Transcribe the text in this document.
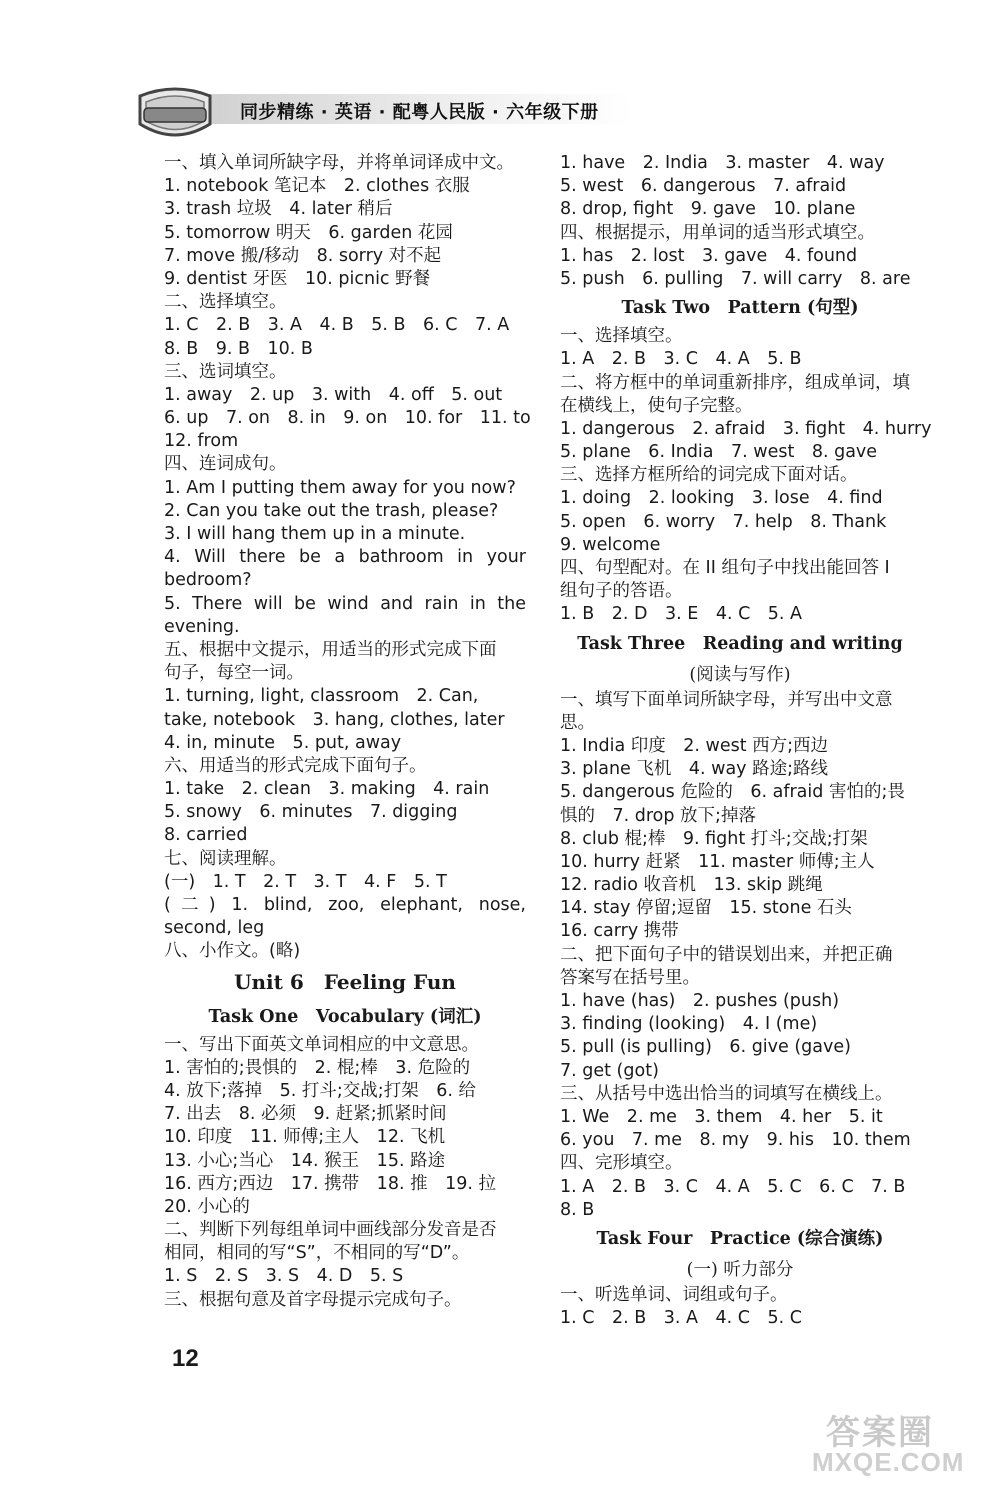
同步精练 · 英语 · 配粤人民版 · 六年级下册
一、填入单词所缺字母，并将单词译成中文。
1. notebook 笔记本　2. clothes 衣服
3. trash 垃圾　4. later 稍后
5. tomorrow 明天　6. garden 花园
7. move 搬/移动　8. sorry 对不起
9. dentist 牙医　10. picnic 野餐
二、选择填空。
1. C　2. B　3. A　4. B　5. B　6. C　7. A
8. B　9. B　10. B
三、选词填空。
1. away　2. up　3. with　4. off　5. out
6. up　7. on　8. in　9. on　10. for　11. to
12. from
四、连词成句。
1. Am I putting them away for you now?
2. Can you take out the trash, please?
3. I will hang them up in a minute.
4. Will there be a bathroom in your
bedroom?
5. There will be wind and rain in the
evening.
五、根据中文提示，用适当的形式完成下面
句子，每空一词。
1. turning, light, classroom　2. Can,
take, notebook　3. hang, clothes, later
4. in, minute　5. put, away
六、用适当的形式完成下面句子。
1. take　2. clean　3. making　4. rain
5. snowy　6. minutes　7. digging
8. carried
七、阅读理解。
(一)　1. T　2. T　3. T　4. F　5. T
(二) 1. blind, zoo, elephant, nose,
second, leg
八、小作文。(略)
Unit 6　Feeling Fun
Task One　Vocabulary (词汇)
一、写出下面英文单词相应的中文意思。
1. 害怕的;畏惧的　2. 棍;棒　3. 危险的
4. 放下;落掉　5. 打斗;交战;打架　6. 给
7. 出去　8. 必须　9. 赶紧;抓紧时间
10. 印度　11. 师傅;主人　12. 飞机
13. 小心;当心　14. 猴王　15. 路途
16. 西方;西边　17. 携带　18. 推　19. 拉
20. 小心的
二、判断下列每组单词中画线部分发音是否
相同，相同的写“S”，不相同的写“D”。
1. S　2. S　3. S　4. D　5. S
三、根据句意及首字母提示完成句子。
1. have　2. India　3. master　4. way
5. west　6. dangerous　7. afraid
8. drop, fight　9. gave　10. plane
四、根据提示，用单词的适当形式填空。
1. has　2. lost　3. gave　4. found
5. push　6. pulling　7. will carry　8. are
Task Two　Pattern (句型)
一、选择填空。
1. A　2. B　3. C　4. A　5. B
二、将方框中的单词重新排序，组成单词，填
在横线上，使句子完整。
1. dangerous　2. afraid　3. fight　4. hurry
5. plane　6. India　7. west　8. gave
三、选择方框所给的词完成下面对话。
1. doing　2. looking　3. lose　4. find
5. open　6. worry　7. help　8. Thank
9. welcome
四、句型配对。在 II 组句子中找出能回答 I
组句子的答语。
1. B　2. D　3. E　4. C　5. A
Task Three　Reading and writing
(阅读与写作)
一、填写下面单词所缺字母，并写出中文意
思。
1. India 印度　2. west 西方;西边
3. plane 飞机　4. way 路途;路线
5. dangerous 危险的　6. afraid 害怕的;畏
惧的　7. drop 放下;掉落
8. club 棍;棒　9. fight 打斗;交战;打架
10. hurry 赶紧　11. master 师傅;主人
12. radio 收音机　13. skip 跳绳
14. stay 停留;逗留　15. stone 石头
16. carry 携带
二、把下面句子中的错误划出来，并把正确
答案写在括号里。
1. have (has)　2. pushes (push)
3. finding (looking)　4. I (me)
5. pull (is pulling)　6. give (gave)
7. get (got)
三、从括号中选出恰当的词填写在横线上。
1. We　2. me　3. them　4. her　5. it
6. you　7. me　8. my　9. his　10. them
四、完形填空。
1. A　2. B　3. C　4. A　5. C　6. C　7. B
8. B
Task Four　Practice (综合演练)
(一) 听力部分
一、听选单词、词组或句子。
1. C　2. B　3. A　4. C　5. C
12
答案圈
MXQE.COM
